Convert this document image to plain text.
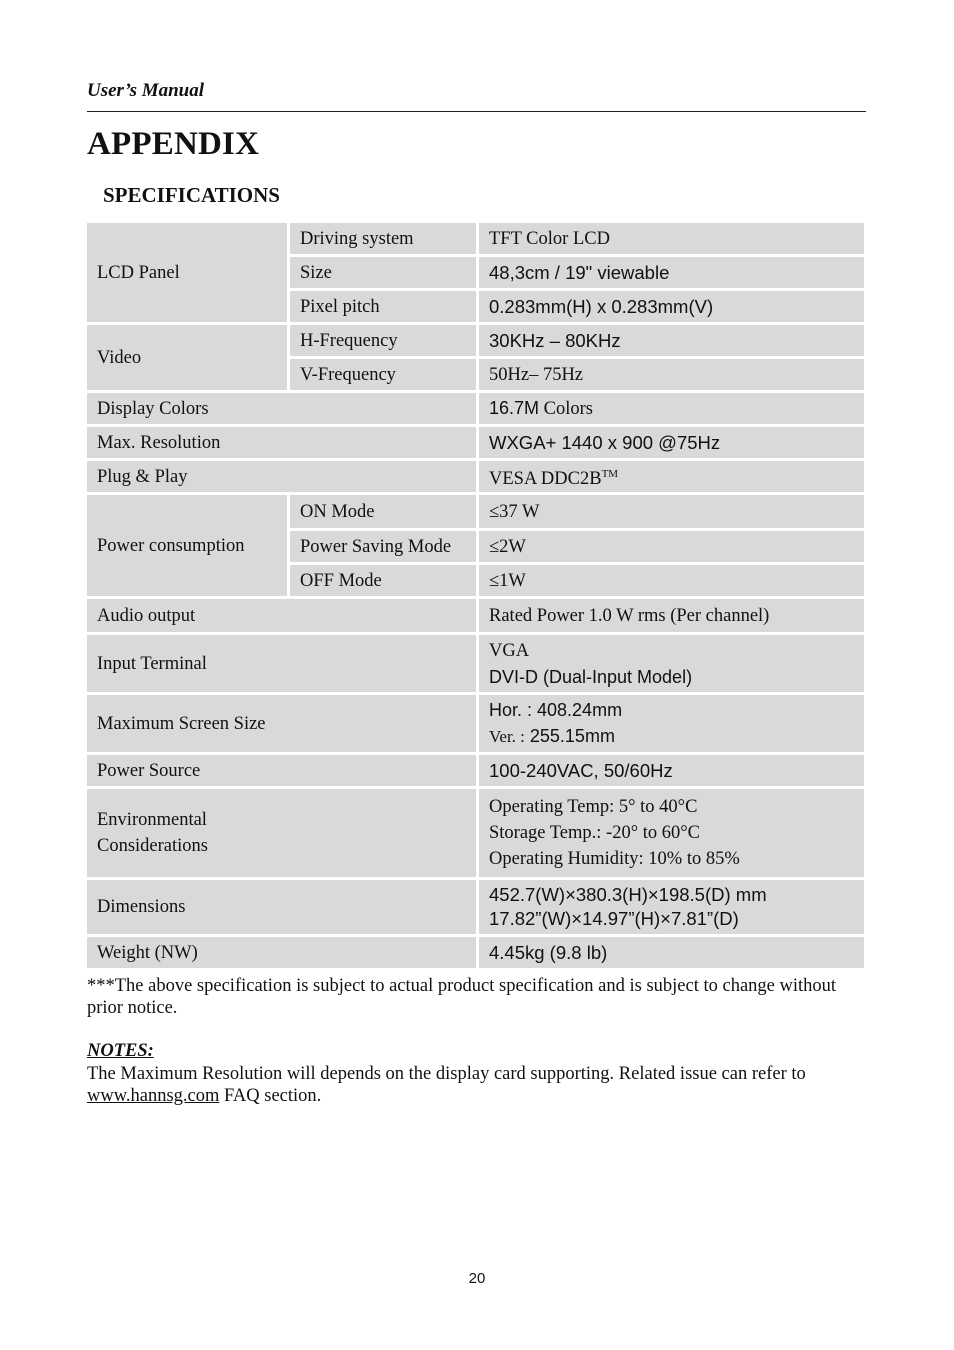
User’s Manual
APPENDIX
SPECIFICATIONS
LCD Panel	Driving system	TFT Color LCD
	Size	48,3cm / 19" viewable
	Pixel pitch	0.283mm(H) x 0.283mm(V)
Video	H-Frequency	30KHz – 80KHz
	V-Frequency	50Hz– 75Hz
Display Colors		16.7M Colors
Max. Resolution		WXGA+ 1440 x 900 @75Hz
Plug & Play		VESA DDC2B™
Power consumption	ON Mode	≤37 W
	Power Saving Mode	≤2W
	OFF Mode	≤1W
Audio output		Rated Power 1.0 W rms (Per channel)
Input Terminal		VGA
DVI-D (Dual-Input Model)

Maximum Screen Size		Hor. : 408.24mm
Ver. : 255.15mm

Power Source		100-240VAC, 50/60Hz

Environmental
Considerations		Operating Temp: 5° to 40°C
Storage Temp.: -20° to 60°C
Operating Humidity: 10% to 85%

Dimensions		452.7(W)×380.3(H)×198.5(D) mm
17.82”(W)×14.97”(H)×7.81”(D)

Weight (NW)		4.45kg (9.8 lb)
***The above specification is subject to actual product specification and is subject to change without prior notice.
NOTES:
The Maximum Resolution will depends on the display card supporting. Related issue can refer to www.hannsg.com FAQ section.
20
